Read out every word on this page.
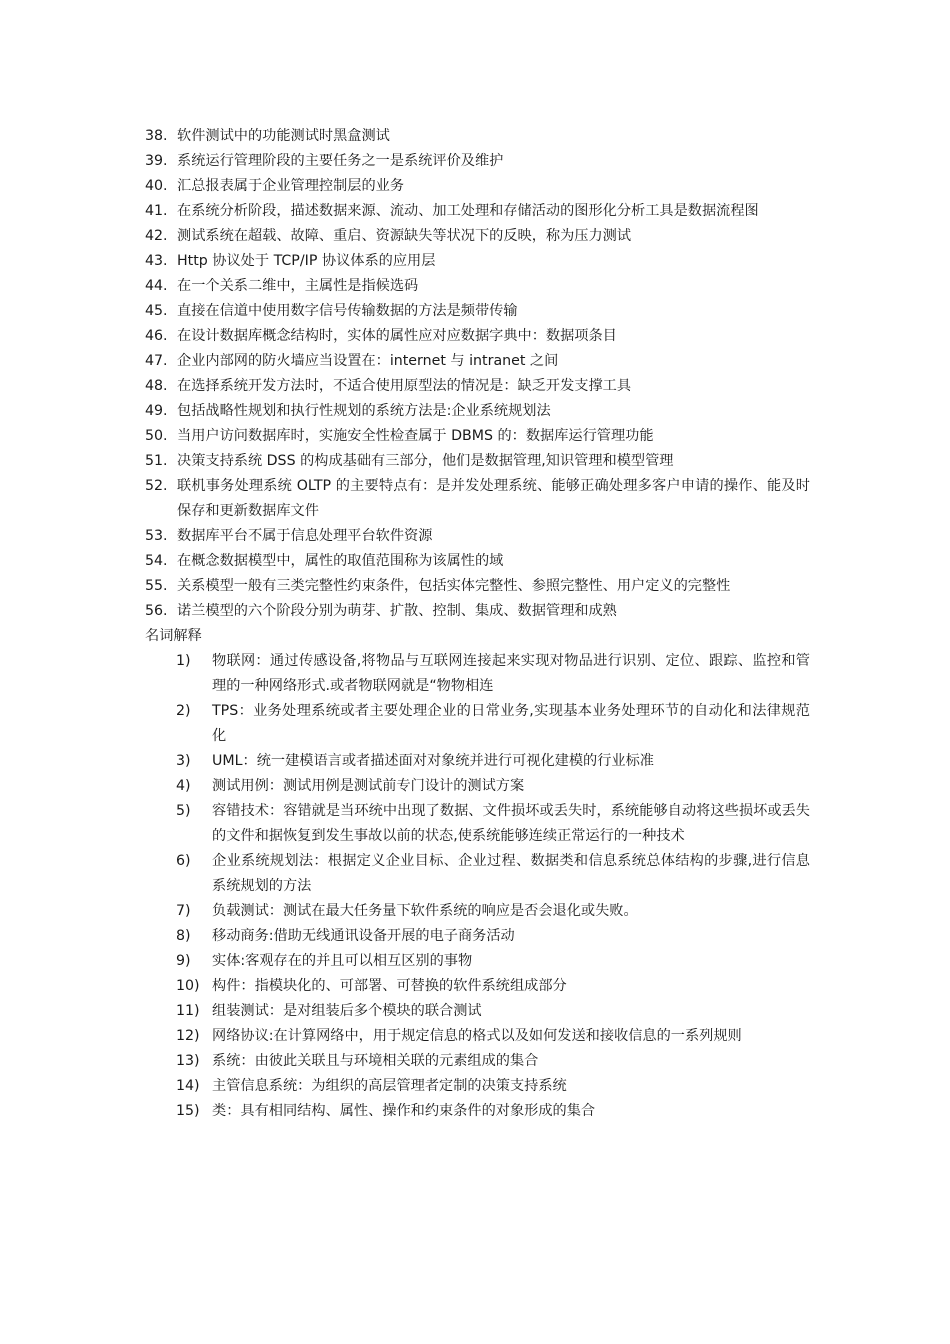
38. 软件测试中的功能测试时黑盒测试
39. 系统运行管理阶段的主要任务之一是系统评价及维护
40. 汇总报表属于企业管理控制层的业务
41. 在系统分析阶段，描述数据来源、流动、加工处理和存储活动的图形化分析工具是数据流程图
42. 测试系统在超载、故障、重启、资源缺失等状况下的反映，称为压力测试
43. Http 协议处于 TCP/IP 协议体系的应用层
44. 在一个关系二维中，主属性是指候选码
45. 直接在信道中使用数字信号传输数据的方法是频带传输
46. 在设计数据库概念结构时，实体的属性应对应数据字典中：数据项条目
47. 企业内部网的防火墙应当设置在：internet 与 intranet 之间
48. 在选择系统开发方法时，不适合使用原型法的情况是：缺乏开发支撑工具
49. 包括战略性规划和执行性规划的系统方法是:企业系统规划法
50. 当用户访问数据库时，实施安全性检查属于 DBMS 的：数据库运行管理功能
51. 决策支持系统 DSS 的构成基础有三部分，他们是数据管理,知识管理和模型管理
52. 联机事务处理系统 OLTP 的主要特点有：是并发处理系统、能够正确处理多客户申请的操作、能及时保存和更新数据库文件
53. 数据库平台不属于信息处理平台软件资源
54. 在概念数据模型中，属性的取值范围称为该属性的域
55. 关系模型一般有三类完整性约束条件，包括实体完整性、参照完整性、用户定义的完整性
56. 诺兰模型的六个阶段分别为萌芽、扩散、控制、集成、数据管理和成熟
名词解释
1)	物联网：通过传感设备,将物品与互联网连接起来实现对物品进行识别、定位、跟踪、监控和管理的一种网络形式.或者物联网就是“物物相连
2)	TPS：业务处理系统或者主要处理企业的日常业务,实现基本业务处理环节的自动化和法律规范化
3)	UML：统一建模语言或者描述面对对象统并进行可视化建模的行业标准
4)	测试用例：测试用例是测试前专门设计的测试方案
5)	容错技术：容错就是当环统中出现了数据、文件损坏或丢失时，系统能够自动将这些损坏或丢失的文件和据恢复到发生事故以前的状态,使系统能够连续正常运行的一种技术
6)	企业系统规划法：根据定义企业目标、企业过程、数据类和信息系统总体结构的步骤,进行信息系统规划的方法
7)	负载测试：测试在最大任务量下软件系统的响应是否会退化或失败。
8)	移动商务:借助无线通讯设备开展的电子商务活动
9)	实体:客观存在的并且可以相互区别的事物
10) 构件：指模块化的、可部署、可替换的软件系统组成部分
11) 组装测试：是对组装后多个模块的联合测试
12) 网络协议:在计算网络中，用于规定信息的格式以及如何发送和接收信息的一系列规则
13) 系统：由彼此关联且与环境相关联的元素组成的集合
14) 主管信息系统：为组织的高层管理者定制的决策支持系统
15) 类：具有相同结构、属性、操作和约束条件的对象形成的集合
